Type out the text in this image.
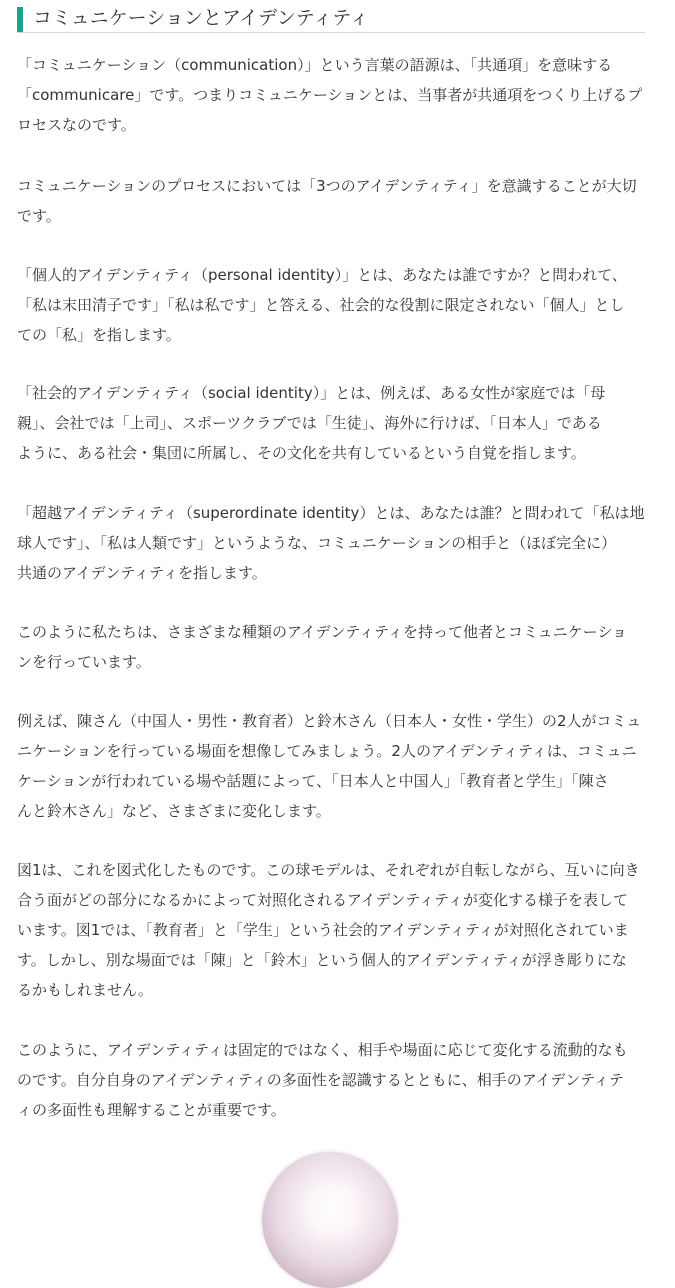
コミュニケーションとアイデンティティ
「コミュニケーション（communication）」という言葉の語源は、「共通項」を意味する
「communicare」です。つまりコミュニケーションとは、当事者が共通項をつくり上げるプ
ロセスなのです。
コミュニケーションのプロセスにおいては「3つのアイデンティティ」を意識することが大切
です。
「個人的アイデンティティ（personal identity）」とは、あなたは誰ですか？と問われて、
「私は末田清子です」「私は私です」と答える、社会的な役割に限定されない「個人」とし
ての「私」を指します。
「社会的アイデンティティ（social identity）」とは、例えば、ある女性が家庭では「母
親」、会社では「上司」、スポーツクラブでは「生徒」、海外に行けば、「日本人」である
ように、ある社会・集団に所属し、その文化を共有しているという自覚を指します。
「超越アイデンティティ（superordinate identity）とは、あなたは誰？と問われて「私は地
球人です」、「私は人類です」というような、コミュニケーションの相手と（ほぼ完全に）
共通のアイデンティティを指します。
このように私たちは、さまざまな種類のアイデンティティを持って他者とコミュニケーショ
ンを行っています。
例えば、陳さん（中国人・男性・教育者）と鈴木さん（日本人・女性・学生）の2人がコミュ
ニケーションを行っている場面を想像してみましょう。2人のアイデンティティは、コミュニ
ケーションが行われている場や話題によって、「日本人と中国人」「教育者と学生」「陳さ
んと鈴木さん」など、さまざまに変化します。
図1は、これを図式化したものです。この球モデルは、それぞれが自転しながら、互いに向き
合う面がどの部分になるかによって対照化されるアイデンティティが変化する様子を表して
います。図1では、「教育者」と「学生」という社会的アイデンティティが対照化されていま
す。しかし、別な場面では「陳」と「鈴木」という個人的アイデンティティが浮き彫りにな
るかもしれません。
このように、アイデンティティは固定的ではなく、相手や場面に応じて変化する流動的なも
のです。自分自身のアイデンティティの多面性を認識するとともに、相手のアイデンティテ
ィの多面性も理解することが重要です。
